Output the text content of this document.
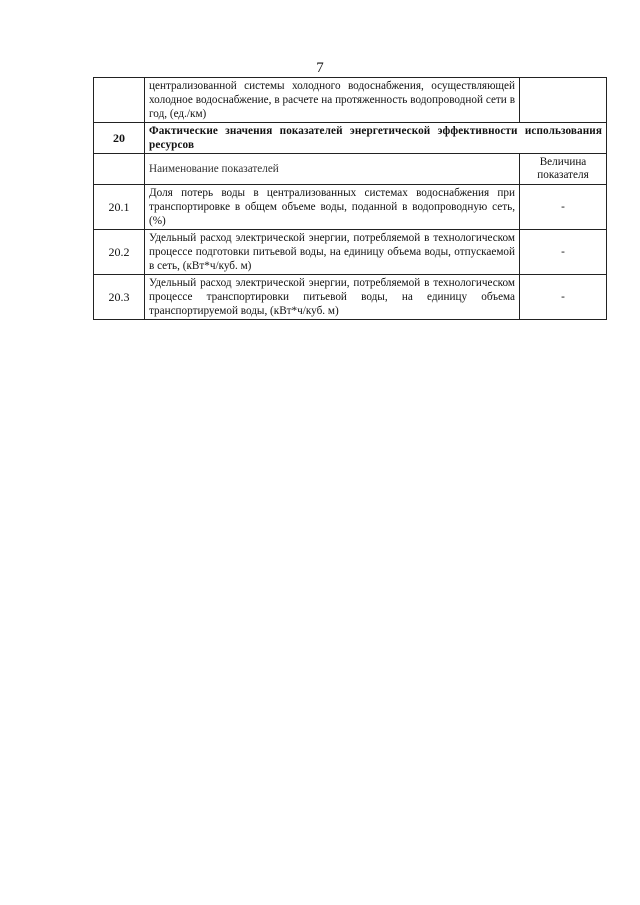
7
	централизованной системы холодного водоснабжения, осуществляющей холодное водоснабжение, в расчете на протяженность водопроводной сети в год, (ед./км)	
20	Фактические значения показателей энергетической эффективности использования ресурсов	
	Наименование показателей	Величина показателя
20.1	Доля потерь воды в централизованных системах водоснабжения при транспортировке в общем объеме воды, поданной в водопроводную сеть, (%)	-
20.2	Удельный расход электрической энергии, потребляемой в технологическом процессе подготовки питьевой воды, на единицу объема воды, отпускаемой в сеть, (кВт*ч/куб. м)	-
20.3	Удельный расход электрической энергии, потребляемой в технологическом процессе транспортировки питьевой воды, на единицу объема транспортируемой воды, (кВт*ч/куб. м)	-
